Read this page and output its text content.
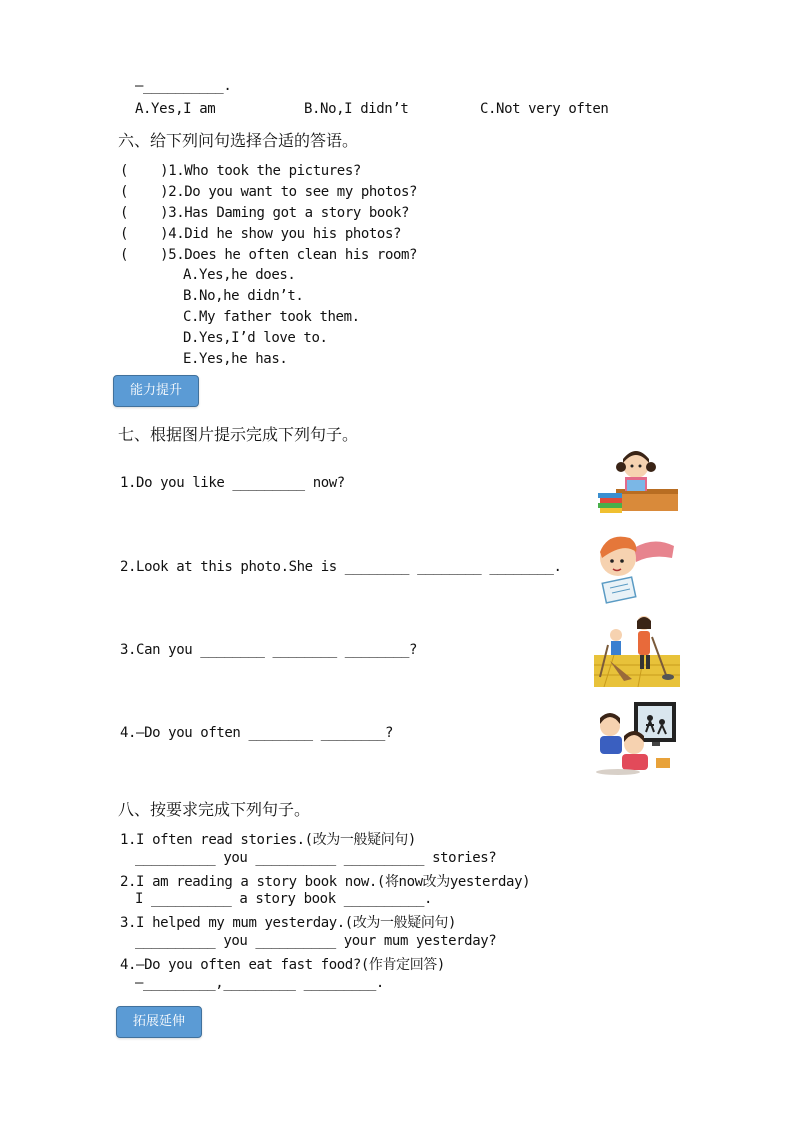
—__________.
A.Yes,I am	B.No,I didn’t	C.Not very often
六、给下列问句选择合适的答语。
(    )1.Who took the pictures?
(    )2.Do you want to see my photos?
(    )3.Has Daming got a story book?
(    )4.Did he show you his photos?
(    )5.Does he often clean his room?
A.Yes,he does.
B.No,he didn’t.
C.My father took them.
D.Yes,I’d love to.
E.Yes,he has.
能力提升
七、根据图片提示完成下列句子。
1.Do you like _________ now?
2.Look at this photo.She is ________ ________ ________.
3.Can you ________ ________ ________?
4.—Do you often ________ ________?
八、按要求完成下列句子。
1.I often read stories.(改为一般疑问句)
__________ you __________ __________ stories?
2.I am reading a story book now.(将now改为yesterday)
I __________ a story book __________.
3.I helped my mum yesterday.(改为一般疑问句)
__________ you __________ your mum yesterday?
4.—Do you often eat fast food?(作肯定回答)
—_________,_________ _________.
拓展延伸
